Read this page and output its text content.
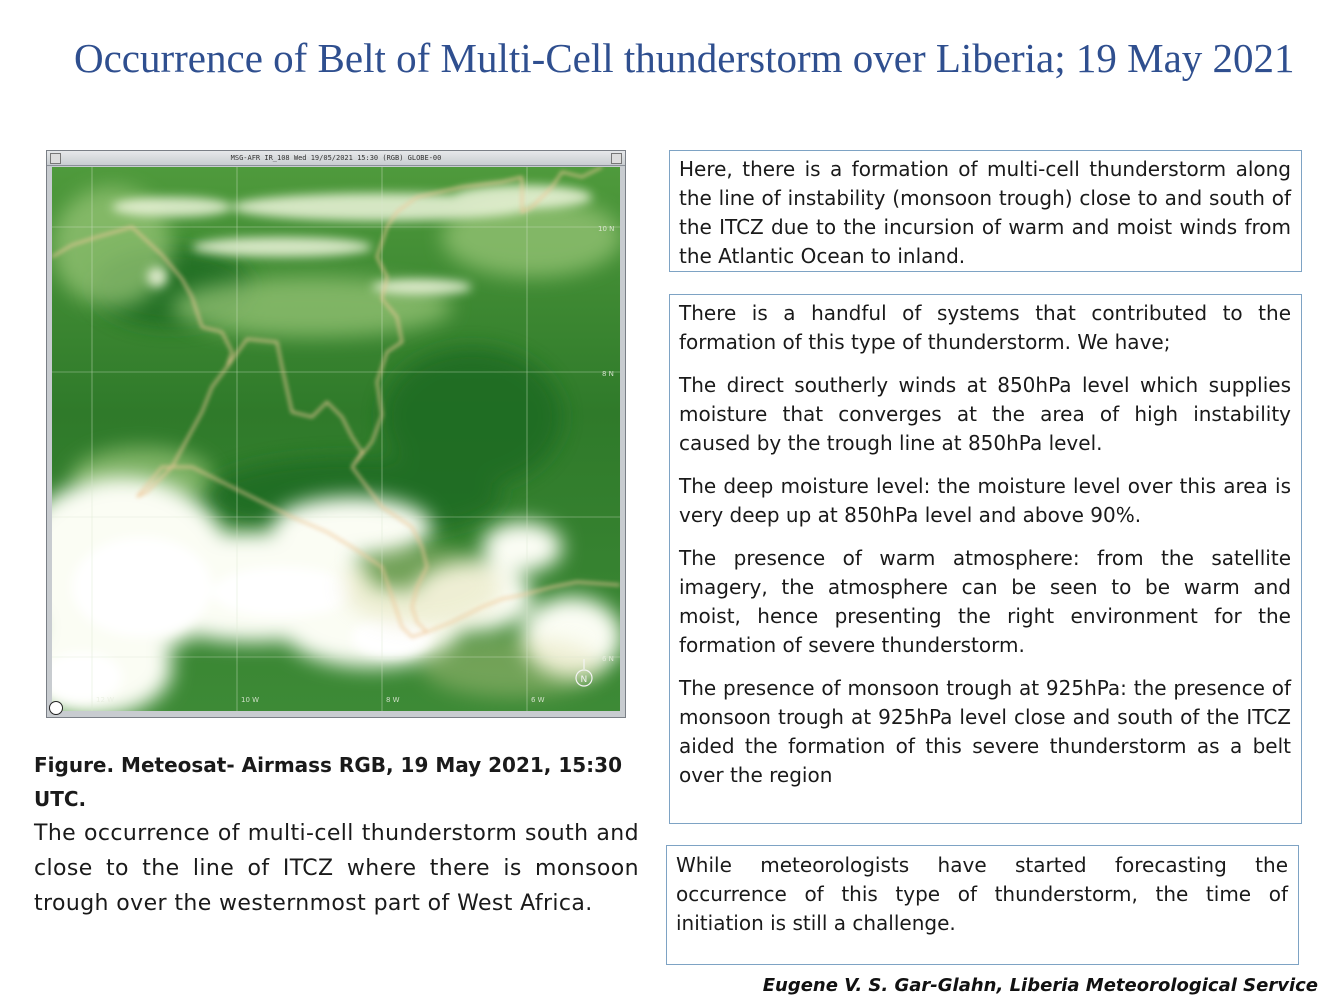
Occurrence of Belt of Multi-Cell thunderstorm over Liberia; 19 May 2021
MSG-AFR IR_108 Wed 19/05/2021 15:30 (RGB) GLOBE-00
12 W	10 W	8 W	6 W
10 N
8 N
6 N
N

Figure. Meteosat- Airmass RGB, 19 May 2021, 15:30 UTC.

The occurrence of multi-cell thunderstorm south and close to the line of ITCZ where there is monsoon trough over the westernmost part of West Africa.

Here, there is a formation of multi-cell thunderstorm along the line of instability (monsoon trough) close to and south of the ITCZ due to the incursion of warm and moist winds from the Atlantic Ocean to inland.

There is a handful of systems that contributed to the formation of this type of thunderstorm. We have;

The direct southerly winds at 850hPa level which supplies moisture that converges at the area of high instability caused by the trough line at 850hPa level.

The deep moisture level: the moisture level over this area is very deep up at 850hPa level and above 90%.

The presence of warm atmosphere: from the satellite imagery, the atmosphere can be seen to be warm and moist, hence presenting the right environment for the formation of severe thunderstorm.

The presence of monsoon trough at 925hPa: the presence of monsoon trough at 925hPa level close and south of the ITCZ aided the formation of this severe thunderstorm as a belt over the region

While meteorologists have started forecasting the occurrence of this type of thunderstorm, the time of initiation is still a challenge.

Eugene V. S. Gar-Glahn, Liberia Meteorological Service
